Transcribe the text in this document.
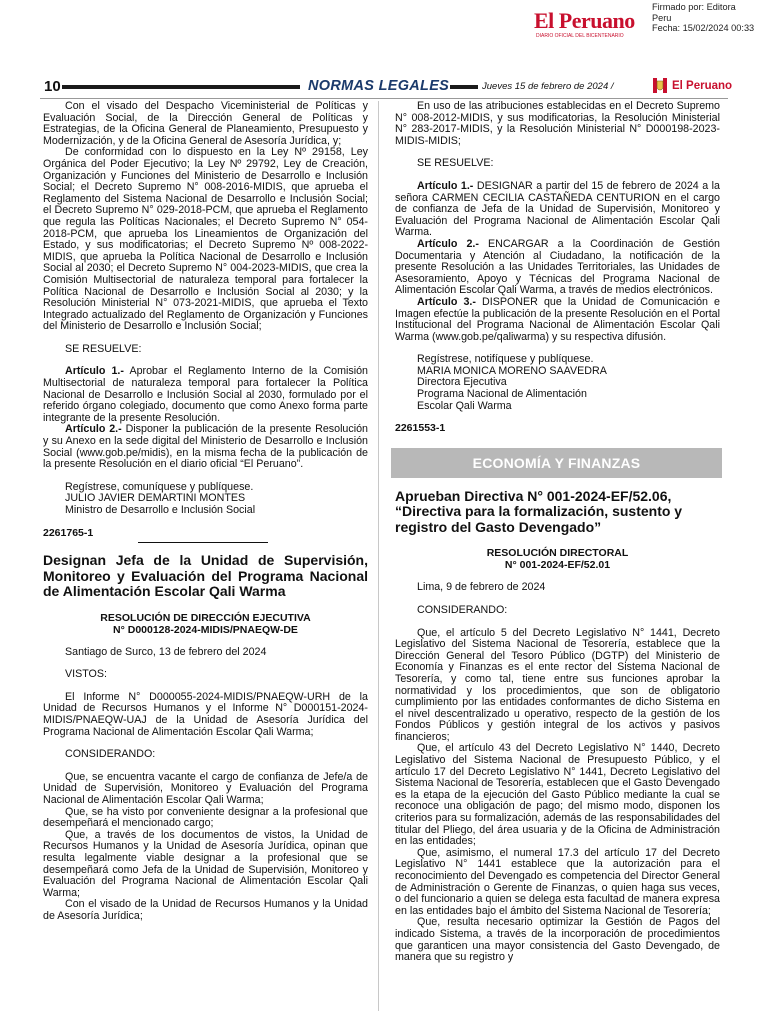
El Peruano
DIARIO OFICIAL DEL BICENTENARIO
Firmado por: Editora
Peru
Fecha: 15/02/2024 00:33
10	NORMAS LEGALES	Jueves 15 de febrero de 2024 /	El Peruano

Con el visado del Despacho Viceministerial de Políticas y Evaluación Social, de la Dirección General de Políticas y Estrategias, de la Oficina General de Planeamiento, Presupuesto y Modernización, y de la Oficina General de Asesoría Jurídica, y;

De conformidad con lo dispuesto en la Ley Nº 29158, Ley Orgánica del Poder Ejecutivo; la Ley Nº 29792, Ley de Creación, Organización y Funciones del Ministerio de Desarrollo e Inclusión Social; el Decreto Supremo N° 008-2016-MIDIS, que aprueba el Reglamento del Sistema Nacional de Desarrollo e Inclusión Social; el Decreto Supremo N° 029-2018-PCM, que aprueba el Reglamento que regula las Políticas Nacionales; el Decreto Supremo N° 054-2018-PCM, que aprueba los Lineamientos de Organización del Estado, y sus modificatorias; el Decreto Supremo Nº 008-2022-MIDIS, que aprueba la Política Nacional de Desarrollo e Inclusión Social al 2030; el Decreto Supremo N° 004-2023-MIDIS, que crea la Comisión Multisectorial de naturaleza temporal para fortalecer la Política Nacional de Desarrollo e Inclusión Social al 2030; y la Resolución Ministerial N° 073-2021-MIDIS, que aprueba el Texto Integrado actualizado del Reglamento de Organización y Funciones del Ministerio de Desarrollo e Inclusión Social;

SE RESUELVE:

Artículo 1.- Aprobar el Reglamento Interno de la Comisión Multisectorial de naturaleza temporal para fortalecer la Política Nacional de Desarrollo e Inclusión Social al 2030, formulado por el referido órgano colegiado, documento que como Anexo forma parte integrante de la presente Resolución.

Artículo 2.- Disponer la publicación de la presente Resolución y su Anexo en la sede digital del Ministerio de Desarrollo e Inclusión Social (www.gob.pe/midis), en la misma fecha de la publicación de la presente Resolución en el diario oficial “El Peruano”.

Regístrese, comuníquese y publíquese.

JULIO JAVIER DEMARTINI MONTES

Ministro de Desarrollo e Inclusión Social

2261765-1

Designan Jefa de la Unidad de Supervisión, Monitoreo y Evaluación del Programa Nacional de Alimentación Escolar Qali Warma

RESOLUCIÓN DE DIRECCIÓN EJECUTIVA
N° D000128-2024-MIDIS/PNAEQW-DE

Santiago de Surco, 13 de febrero del 2024

VISTOS:

El Informe N° D000055-2024-MIDIS/PNAEQW-URH de la Unidad de Recursos Humanos y el Informe N° D000151-2024-MIDIS/PNAEQW-UAJ de la Unidad de Asesoría Jurídica del Programa Nacional de Alimentación Escolar Qali Warma;

CONSIDERANDO:

Que, se encuentra vacante el cargo de confianza de Jefe/a de Unidad de Supervisión, Monitoreo y Evaluación del Programa Nacional de Alimentación Escolar Qali Warma;

Que, se ha visto por conveniente designar a la profesional que desempeñará el mencionado cargo;

Que, a través de los documentos de vistos, la Unidad de Recursos Humanos y la Unidad de Asesoría Jurídica, opinan que resulta legalmente viable designar a la profesional que se desempeñará como Jefa de la Unidad de Supervisión, Monitoreo y Evaluación del Programa Nacional de Alimentación Escolar Qali Warma;

Con el visado de la Unidad de Recursos Humanos y la Unidad de Asesoría Jurídica;

En uso de las atribuciones establecidas en el Decreto Supremo N° 008-2012-MIDIS, y sus modificatorias, la Resolución Ministerial N° 283-2017-MIDIS, y la Resolución Ministerial N° D000198-2023-MIDIS-MIDIS;

SE RESUELVE:

Artículo 1.- DESIGNAR a partir del 15 de febrero de 2024 a la señora CARMEN CECILIA CASTAÑEDA CENTURION en el cargo de confianza de Jefa de la Unidad de Supervisión, Monitoreo y Evaluación del Programa Nacional de Alimentación Escolar Qali Warma.

Artículo 2.- ENCARGAR a la Coordinación de Gestión Documentaria y Atención al Ciudadano, la notificación de la presente Resolución a las Unidades Territoriales, las Unidades de Asesoramiento, Apoyo y Técnicas del Programa Nacional de Alimentación Escolar Qali Warma, a través de medios electrónicos.

Artículo 3.- DISPONER que la Unidad de Comunicación e Imagen efectúe la publicación de la presente Resolución en el Portal Institucional del Programa Nacional de Alimentación Escolar Qali Warma (www.gob.pe/qaliwarma) y su respectiva difusión.

Regístrese, notifíquese y publíquese.

MARIA MONICA MORENO SAAVEDRA

Directora Ejecutiva

Programa Nacional de Alimentación

Escolar Qali Warma

2261553-1

ECONOMÍA Y FINANZAS

Aprueban Directiva N° 001-2024-EF/52.06, “Directiva para la formalización, sustento y registro del Gasto Devengado”

RESOLUCIÓN DIRECTORAL
N° 001-2024-EF/52.01

Lima, 9 de febrero de 2024

CONSIDERANDO:

Que, el artículo 5 del Decreto Legislativo N° 1441, Decreto Legislativo del Sistema Nacional de Tesorería, establece que la Dirección General del Tesoro Público (DGTP) del Ministerio de Economía y Finanzas es el ente rector del Sistema Nacional de Tesorería, y como tal, tiene entre sus funciones aprobar la normatividad y los procedimientos, que son de obligatorio cumplimiento por las entidades conformantes de dicho Sistema en el nivel descentralizado u operativo, respecto de la gestión de los Fondos Públicos y gestión integral de los activos y pasivos financieros;

Que, el artículo 43 del Decreto Legislativo N° 1440, Decreto Legislativo del Sistema Nacional de Presupuesto Público, y el artículo 17 del Decreto Legislativo N° 1441, Decreto Legislativo del Sistema Nacional de Tesorería, establecen que el Gasto Devengado es la etapa de la ejecución del Gasto Público mediante la cual se reconoce una obligación de pago; del mismo modo, disponen los criterios para su formalización, además de las responsabilidades del titular del Pliego, del área usuaria y de la Oficina de Administración en las entidades;

Que, asimismo, el numeral 17.3 del artículo 17 del Decreto Legislativo N° 1441 establece que la autorización para el reconocimiento del Devengado es competencia del Director General de Administración o Gerente de Finanzas, o quien haga sus veces, o del funcionario a quien se delega esta facultad de manera expresa en las entidades bajo el ámbito del Sistema Nacional de Tesorería;

Que, resulta necesario optimizar la Gestión de Pagos del indicado Sistema, a través de la incorporación de procedimientos que garanticen una mayor consistencia del Gasto Devengado, de manera que su registro y
